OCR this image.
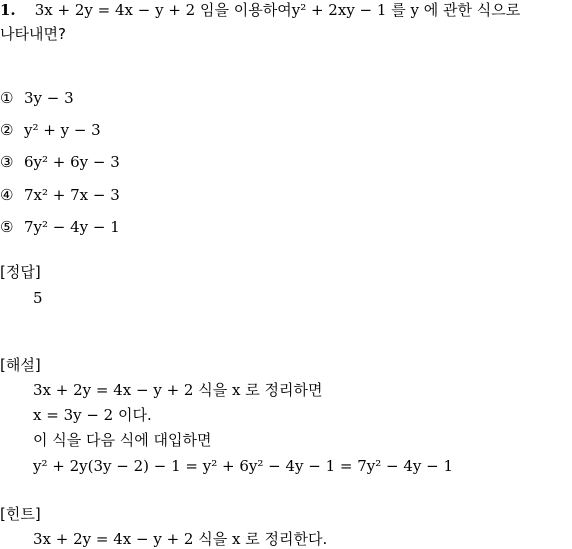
1. 3x + 2y = 4x − y + 2 임을 이용하여y² + 2xy − 1 를 y 에 관한 식으로
나타내면?
① 3y − 3
② y² + y − 3
③ 6y² + 6y − 3
④ 7x² + 7x − 3
⑤ 7y² − 4y − 1
[정답]
5
[해설]
3x + 2y = 4x − y + 2 식을 x 로 정리하면
x = 3y − 2 이다.
이 식을 다음 식에 대입하면
y² + 2y(3y − 2) − 1 = y² + 6y² − 4y − 1 = 7y² − 4y − 1
[힌트]
3x + 2y = 4x − y + 2 식을 x 로 정리한다.
